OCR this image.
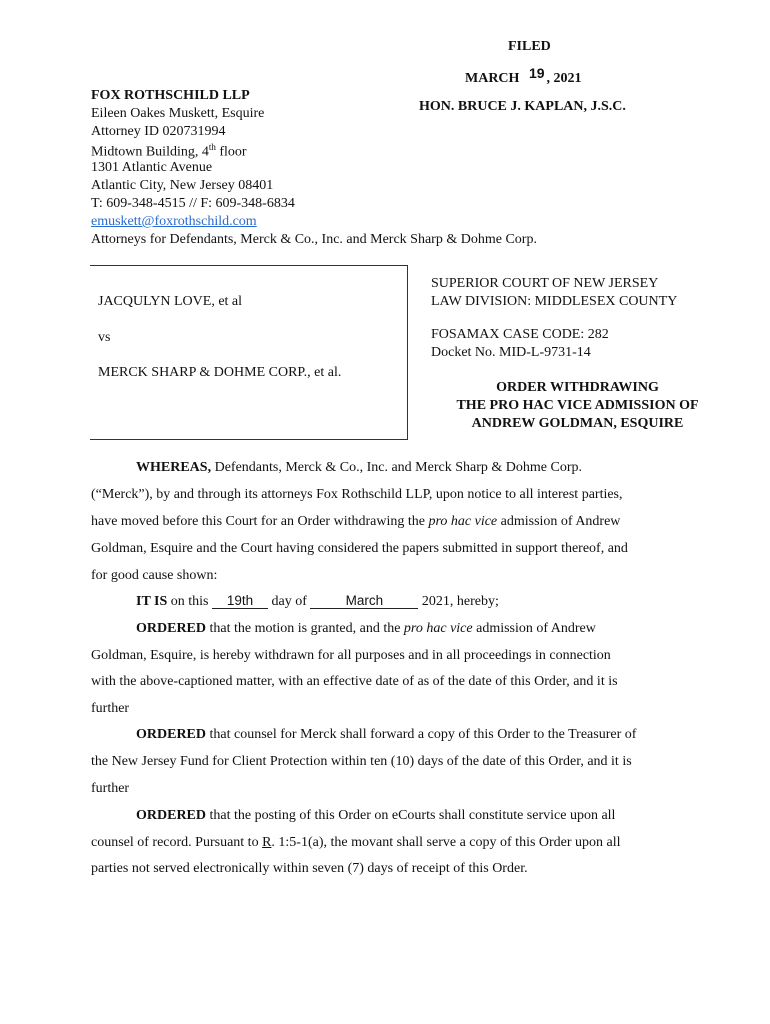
FILED
MARCH 19 , 2021
HON. BRUCE J. KAPLAN, J.S.C.
FOX ROTHSCHILD LLP
Eileen Oakes Muskett, Esquire
Attorney ID 020731994
Midtown Building, 4th floor
1301 Atlantic Avenue
Atlantic City, New Jersey 08401
T: 609-348-4515 // F: 609-348-6834
emuskett@foxrothschild.com
Attorneys for Defendants, Merck & Co., Inc. and Merck Sharp & Dohme Corp.
JACQULYN LOVE, et al
vs
MERCK SHARP & DOHME CORP., et al.
SUPERIOR COURT OF NEW JERSEY
LAW DIVISION: MIDDLESEX COUNTY
FOSAMAX CASE CODE: 282
Docket No. MID-L-9731-14
ORDER WITHDRAWING
THE PRO HAC VICE ADMISSION OF
ANDREW GOLDMAN, ESQUIRE
WHEREAS, Defendants, Merck & Co., Inc. and Merck Sharp & Dohme Corp.
(“Merck”), by and through its attorneys Fox Rothschild LLP, upon notice to all interest parties,
have moved before this Court for an Order withdrawing the pro hac vice admission of Andrew
Goldman, Esquire and the Court having considered the papers submitted in support thereof, and
for good cause shown:
IT IS on this 19th day of	March	2021, hereby;
ORDERED that the motion is granted, and the pro hac vice admission of Andrew
Goldman, Esquire, is hereby withdrawn for all purposes and in all proceedings in connection
with the above-captioned matter, with an effective date of as of the date of this Order, and it is
further
ORDERED that counsel for Merck shall forward a copy of this Order to the Treasurer of
the New Jersey Fund for Client Protection within ten (10) days of the date of this Order, and it is
further
ORDERED that the posting of this Order on eCourts shall constitute service upon all
counsel of record. Pursuant to R. 1:5-1(a), the movant shall serve a copy of this Order upon all
parties not served electronically within seven (7) days of receipt of this Order.
